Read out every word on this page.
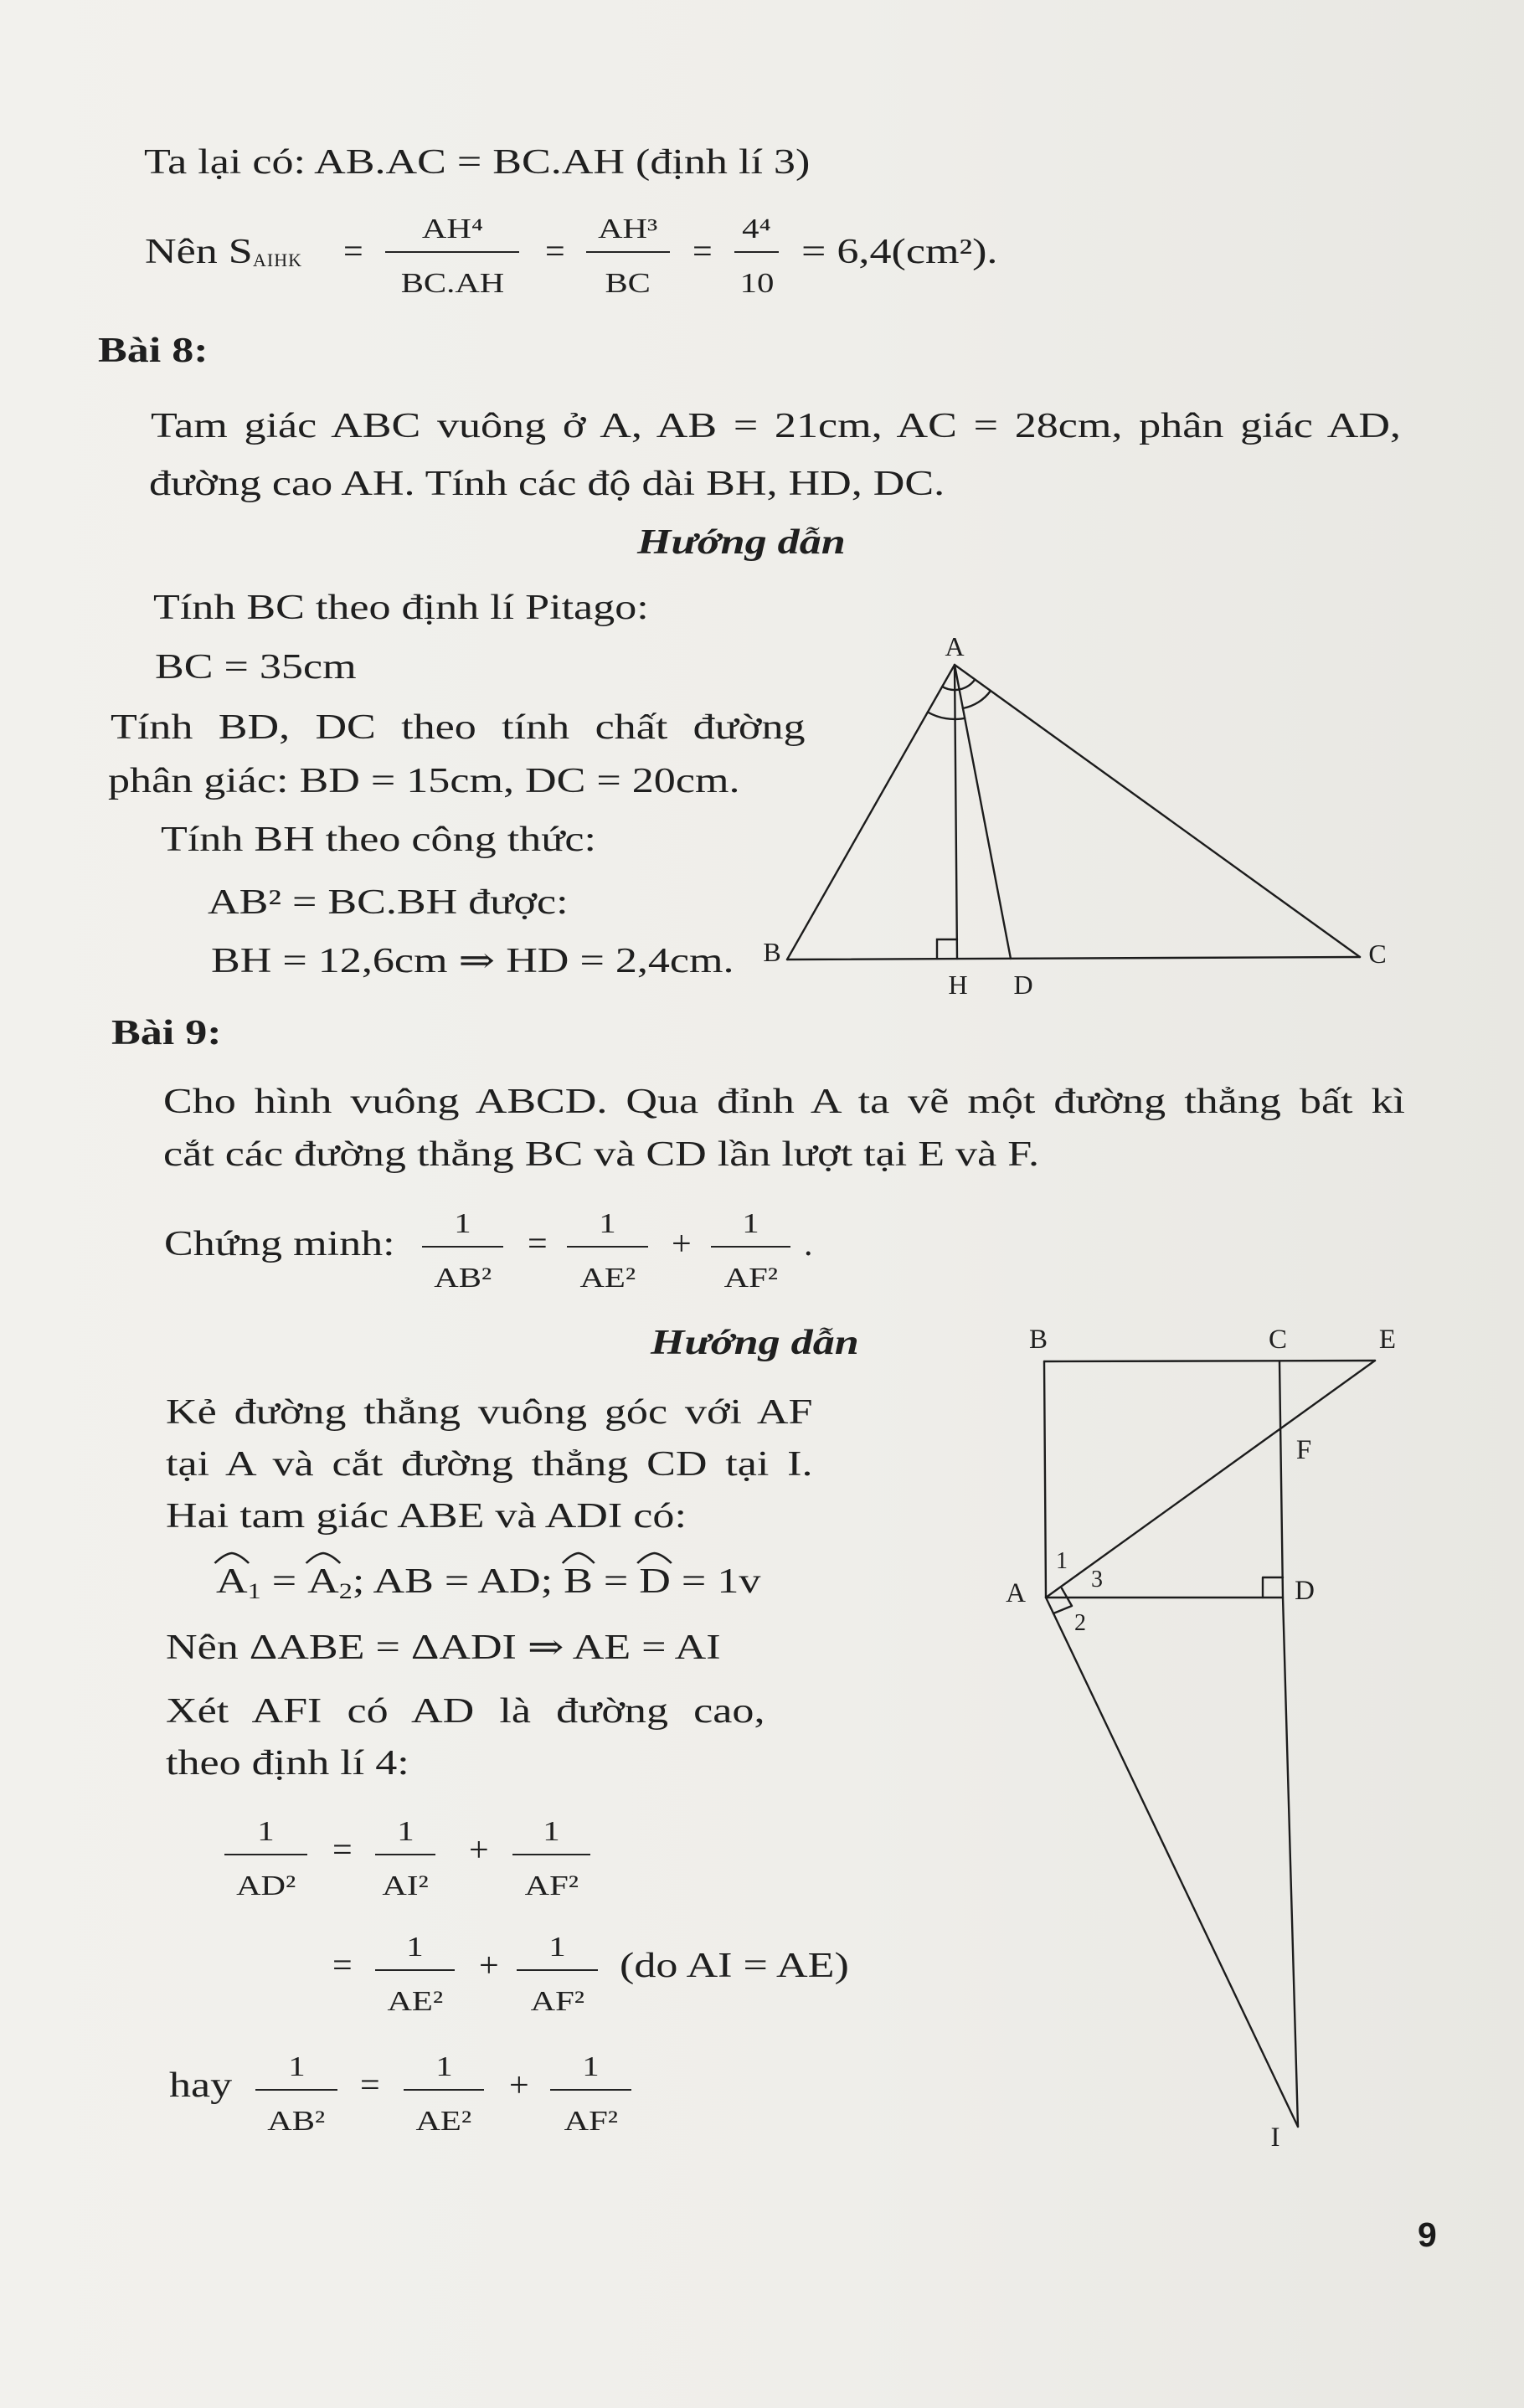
Ta lại có: AB.AC = BC.AH (định lí 3)
Nên S AIHK =
AH⁴
BC.AH
=
AH³
BC
=
4⁴
10
= 6,4(cm²).
Bài 8:
Tam giác ABC vuông ở A, AB = 21cm, AC = 28cm, phân giác AD,
đường cao AH. Tính các độ dài BH, HD, DC.
Hướng dẫn
Tính BC theo định lí Pitago:
BC = 35cm
Tính BD, DC theo tính chất đường
phân giác: BD = 15cm, DC = 20cm.
Tính BH theo công thức:
AB² = BC.BH được:
BH = 12,6cm ⇒ HD = 2,4cm.
A
B	C
H D
Bài 9:
Cho hình vuông ABCD. Qua đỉnh A ta vẽ một đường thẳng bất kì
cắt các đường thẳng BC và CD lần lượt tại E và F.
Chứng minh:
1
AB²
=
1
AE²
+
1
AF²
.
Hướng dẫn
Kẻ đường thẳng vuông góc với AF
tại A và cắt đường thẳng CD tại I.
Hai tam giác ABE và ADI có:
A
$_1$ = A
$_2$; AB = AD; B
= D
= 1v
Nên ΔABE = ΔADI ⇒ AE = AI
Xét AFI có AD là đường cao,
theo định lí 4:
1
AD²
=	1
AI²
+	1
AF²
=	1
AE²
+	1
AF²
(do AI = AE)
hay	1
AB²
=	1
AE²
+	1
AF²
B	C	E
F
A	D
I
1
3
2
9
